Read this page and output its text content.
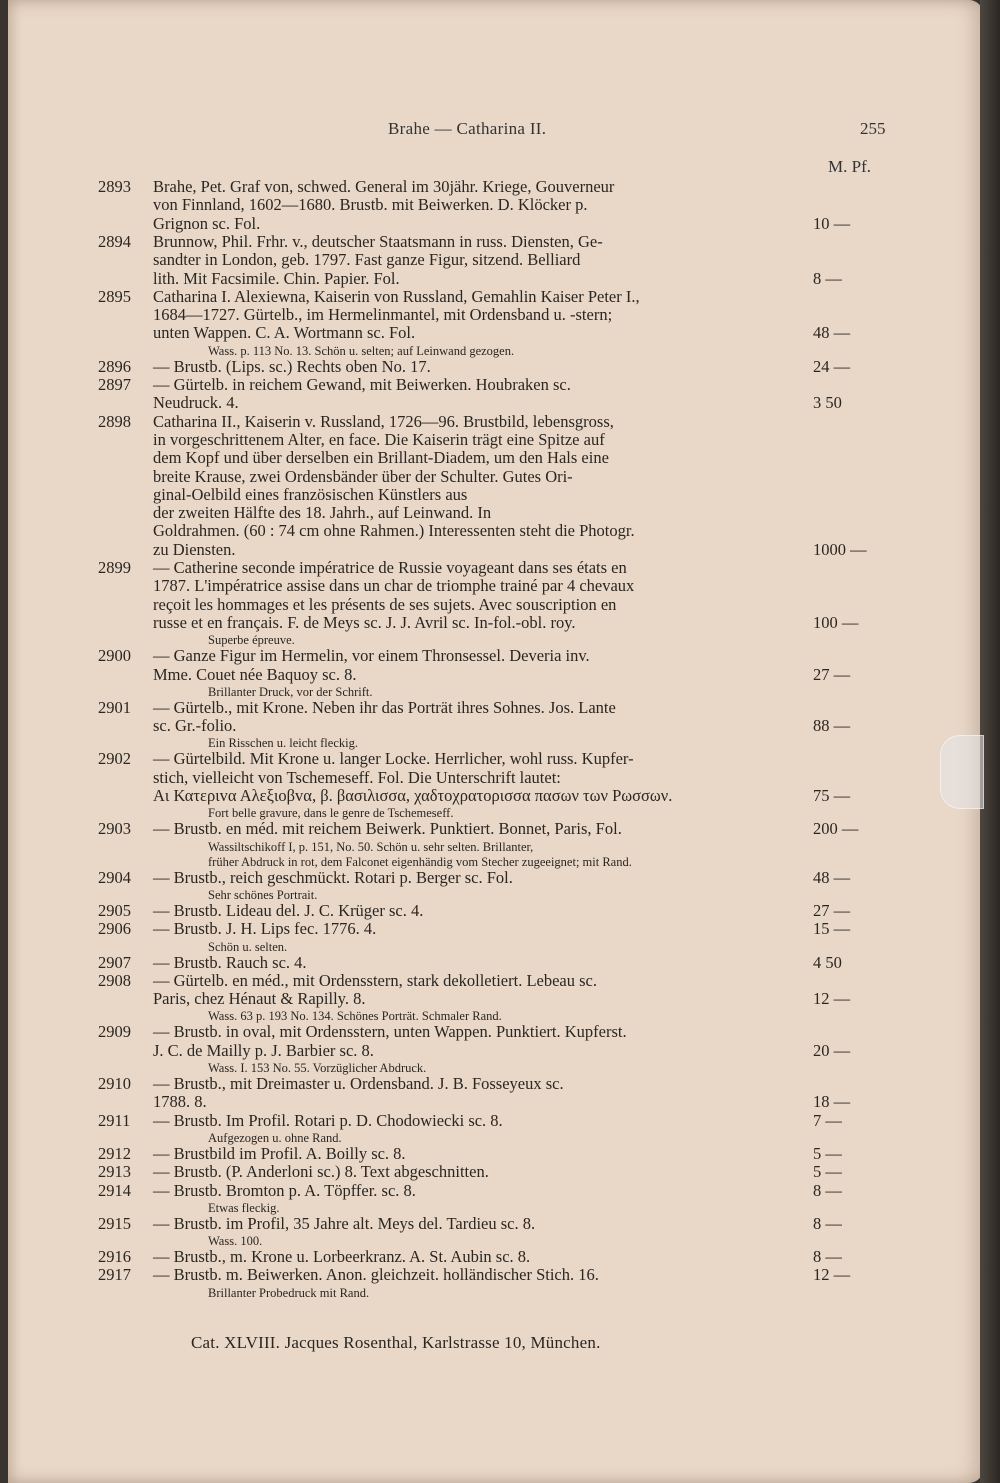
Brahe — Catharina II.	255
M. Pf.
2893	Brahe, Pet. Graf von, schwed. General im 30jähr. Kriege, Gouverneur
von Finnland, 1602—1680. Brustb. mit Beiwerken. D. Klöcker p.
Grignon sc. Fol.	10 —
2894	Brunnow, Phil. Frhr. v., deutscher Staatsmann in russ. Diensten, Ge-
sandter in London, geb. 1797. Fast ganze Figur, sitzend. Belliard
lith. Mit Facsimile. Chin. Papier. Fol.	8 —
2895	Catharina I. Alexiewna, Kaiserin von Russland, Gemahlin Kaiser Peter I.,
1684—1727. Gürtelb., im Hermelinmantel, mit Ordensband u. -stern;
unten Wappen. C. A. Wortmann sc. Fol.	48 —
Wass. p. 113 No. 13. Schön u. selten; auf Leinwand gezogen.
2896	— Brustb. (Lips. sc.) Rechts oben No. 17.	24 —
2897	— Gürtelb. in reichem Gewand, mit Beiwerken. Houbraken sc.
Neudruck. 4.	3 50
2898	Catharina II., Kaiserin v. Russland, 1726—96. Brustbild, lebensgross,
in vorgeschrittenem Alter, en face. Die Kaiserin trägt eine Spitze auf
dem Kopf und über derselben ein Brillant-Diadem, um den Hals eine
breite Krause, zwei Ordensbänder über der Schulter. Gutes Ori-
ginal-Oelbild eines französischen Künstlers aus
der zweiten Hälfte des 18. Jahrh., auf Leinwand. In
Goldrahmen. (60 : 74 cm ohne Rahmen.) Interessenten steht die Photogr.
zu Diensten.	1000 —
2899	— Catherine seconde impératrice de Russie voyageant dans ses états en
1787. L'impératrice assise dans un char de triomphe trainé par 4 chevaux
reçoit les hommages et les présents de ses sujets. Avec souscription en
russe et en français. F. de Meys sc. J. J. Avril sc. In-fol.-obl. roy.	100 —
Superbe épreuve.
2900	— Ganze Figur im Hermelin, vor einem Thronsessel. Deveria inv.
Mme. Couet née Baquoy sc. 8.	27 —
Brillanter Druck, vor der Schrift.
2901	— Gürtelb., mit Krone. Neben ihr das Porträt ihres Sohnes. Jos. Lante
sc. Gr.-folio.	88 —
Ein Risschen u. leicht fleckig.
2902	— Gürtelbild. Mit Krone u. langer Locke. Herrlicher, wohl russ. Kupfer-
stich, vielleicht von Tschemeseff. Fol. Die Unterschrift lautet:
Αι Κατεριvα Αλεξιοβvα, β. βασιλισσα, χαδτοχρατορισσα πασων των Ρωσσων.	75 —
Fort belle gravure, dans le genre de Tschemeseff.
2903	— Brustb. en méd. mit reichem Beiwerk. Punktiert. Bonnet, Paris, Fol.	200 —
Wassiltschikoff I, p. 151, No. 50. Schön u. sehr selten. Brillanter,
früher Abdruck in rot, dem Falconet eigenhändig vom Stecher zugeeignet; mit Rand.
2904	— Brustb., reich geschmückt. Rotari p. Berger sc. Fol.	48 —
Sehr schönes Portrait.
2905	— Brustb. Lideau del. J. C. Krüger sc. 4.	27 —
2906	— Brustb. J. H. Lips fec. 1776. 4.	15 —
Schön u. selten.
2907	— Brustb. Rauch sc. 4.	4 50
2908	— Gürtelb. en méd., mit Ordensstern, stark dekolletiert. Lebeau sc.
Paris, chez Hénaut & Rapilly. 8.	12 —
Wass. 63 p. 193 No. 134. Schönes Porträt. Schmaler Rand.
2909	— Brustb. in oval, mit Ordensstern, unten Wappen. Punktiert. Kupferst.
J. C. de Mailly p. J. Barbier sc. 8.	20 —
Wass. I. 153 No. 55. Vorzüglicher Abdruck.
2910	— Brustb., mit Dreimaster u. Ordensband. J. B. Fosseyeux sc.
1788. 8.	18 —
2911	— Brustb. Im Profil. Rotari p. D. Chodowiecki sc. 8.	7 —
Aufgezogen u. ohne Rand.
2912	— Brustbild im Profil. A. Boilly sc. 8.	5 —
2913	— Brustb. (P. Anderloni sc.) 8. Text abgeschnitten.	5 —
2914	— Brustb. Bromton p. A. Töpffer. sc. 8.	8 —
Etwas fleckig.
2915	— Brustb. im Profil, 35 Jahre alt. Meys del. Tardieu sc. 8.	8 —
Wass. 100.
2916	— Brustb., m. Krone u. Lorbeerkranz. A. St. Aubin sc. 8.	8 —
2917	— Brustb. m. Beiwerken. Anon. gleichzeit. holländischer Stich. 16.	12 —
Brillanter Probedruck mit Rand.
Cat. XLVIII. Jacques Rosenthal, Karlstrasse 10, München.
